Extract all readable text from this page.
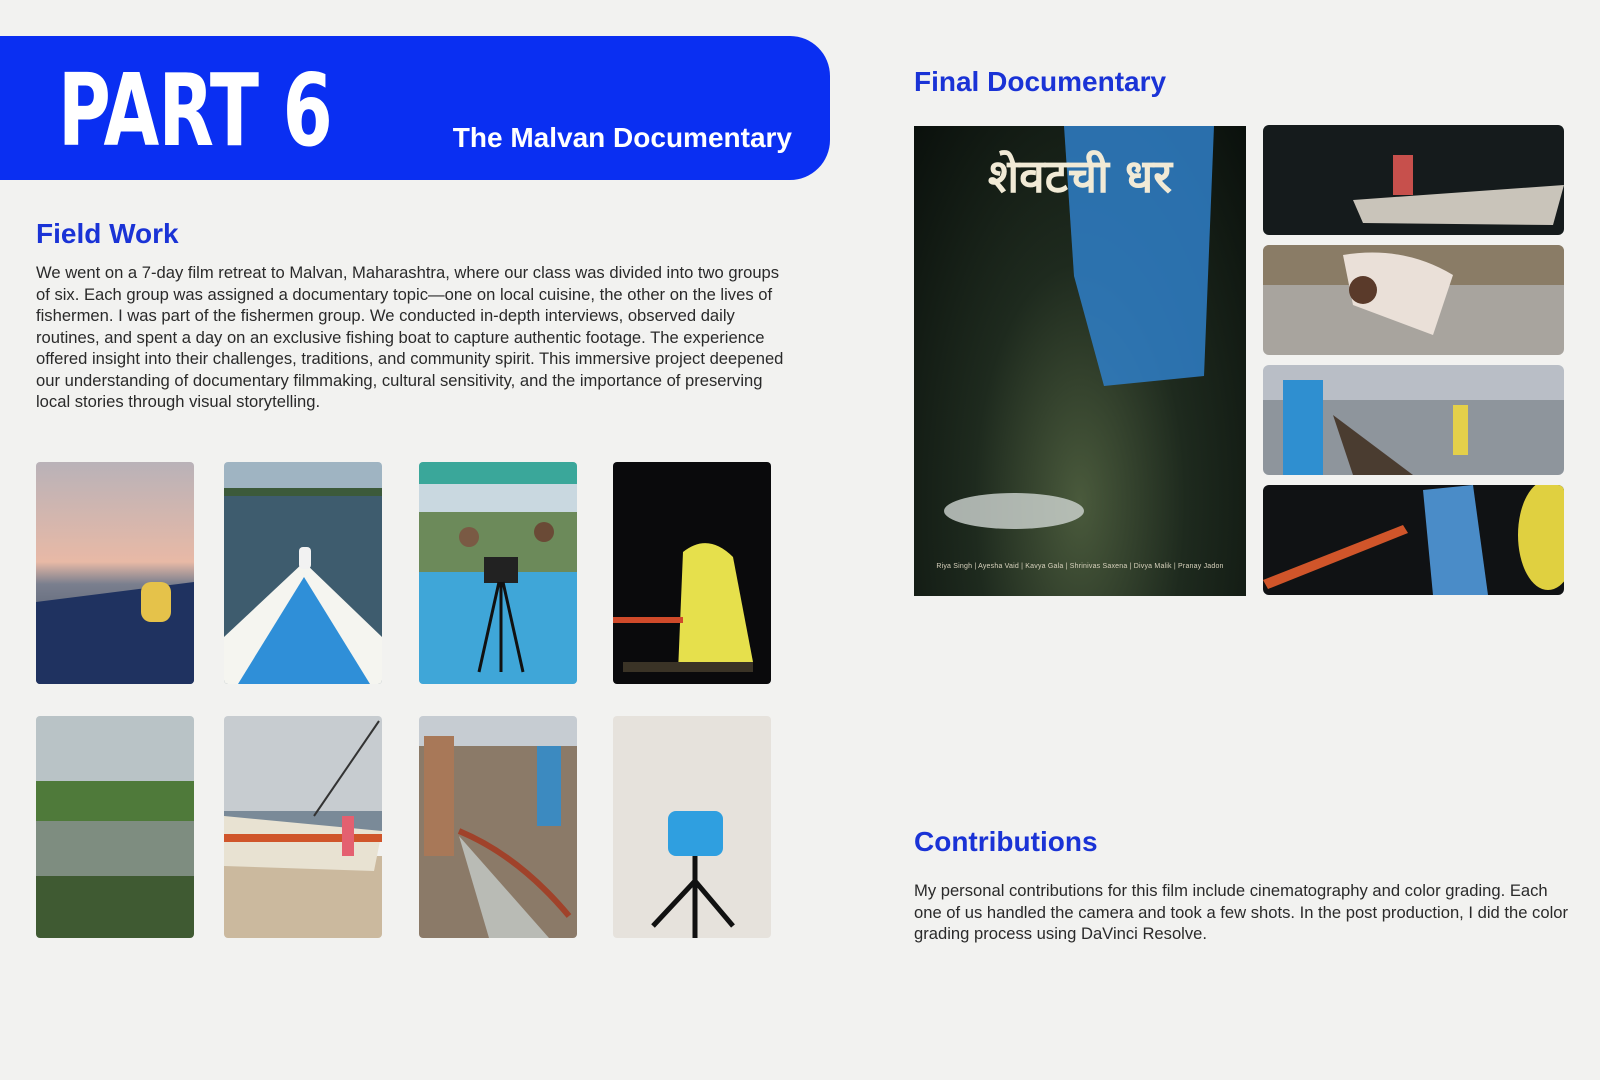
PART 6	The Malvan Documentary
Field Work

We went on a 7-day film retreat to Malvan, Maharashtra, where our class was divided into two groups of six. Each group was assigned a documentary topic—one on local cuisine, the other on the lives of fishermen. I was part of the fishermen group. We conducted in-depth interviews, observed daily routines, and spent a day on an exclusive fishing boat to capture authentic footage. The experience offered insight into their challenges, traditions, and community spirit. This immersive project deepened our understanding of documentary filmmaking, cultural sensitivity, and the importance of preserving local stories through visual storytelling.

Final Documentary
शेवटची धर
Riya Singh | Ayesha Vaid | Kavya Gala | Shrinivas Saxena | Divya Malik | Pranay Jadon
Contributions

My personal contributions for this film include cinematography and color grading. Each one of us handled the camera and took a few shots. In the post production, I did the color grading process using DaVinci Resolve.
